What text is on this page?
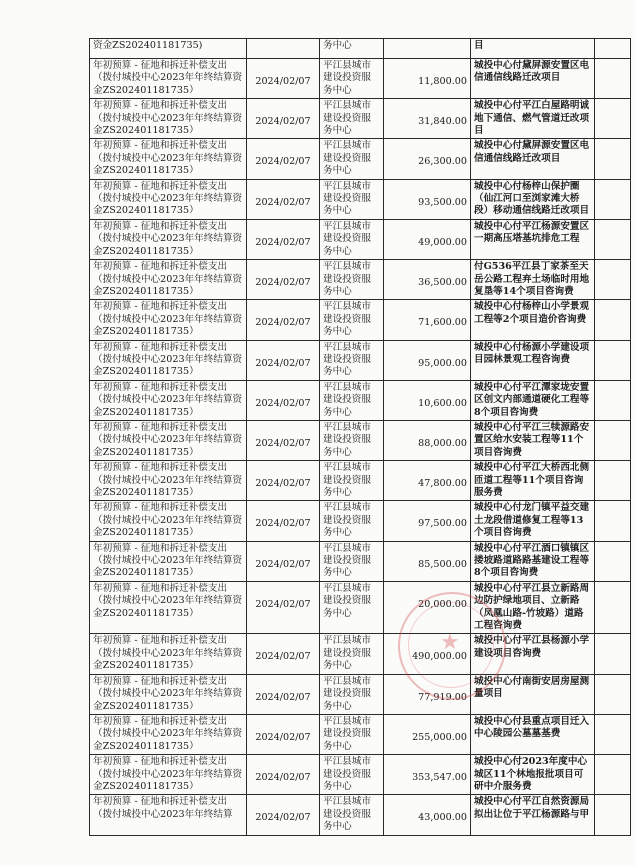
资金ZS202401181735)		务中心		目	
年初预算 - 征地和拆迁补偿支出（拨付城投中心2023年年终结算资金ZS202401181735）	2024/02/07	平江县城市建设投资服务中心	11,800.00	城投中心付黛屏源安置区电信通信线路迁改项目	
年初预算 - 征地和拆迁补偿支出（拨付城投中心2023年年终结算资金ZS202401181735）	2024/02/07	平江县城市建设投资服务中心	31,840.00	城投中心付平江白屋路明诚地下通信、燃气管道迁改项目	
年初预算 - 征地和拆迁补偿支出（拨付城投中心2023年年终结算资金ZS202401181735）	2024/02/07	平江县城市建设投资服务中心	26,300.00	城投中心付黛屏源安置区电信通信线路迁改项目	
年初预算 - 征地和拆迁补偿支出（拨付城投中心2023年年终结算资金ZS202401181735）	2024/02/07	平江县城市建设投资服务中心	93,500.00	城投中心付杨梓山保护圈（仙江河口至浏家滩大桥段）移动通信线路迁改项目	
年初预算 - 征地和拆迁补偿支出（拨付城投中心2023年年终结算资金ZS202401181735）	2024/02/07	平江县城市建设投资服务中心	49,000.00	城投中心付平江杨源安置区一期高压塔基坑排危工程	
年初预算 - 征地和拆迁补偿支出（拨付城投中心2023年年终结算资金ZS202401181735）	2024/02/07	平江县城市建设投资服务中心	36,500.00	付G536平江县丁家茶至天岳公路工程弃土场临时用地复垦等14个项目咨询费	
年初预算 - 征地和拆迁补偿支出（拨付城投中心2023年年终结算资金ZS202401181735）	2024/02/07	平江县城市建设投资服务中心	71,600.00	城投中心付杨梓山小学景观工程等2个项目造价咨询费	
年初预算 - 征地和拆迁补偿支出（拨付城投中心2023年年终结算资金ZS202401181735）	2024/02/07	平江县城市建设投资服务中心	95,000.00	城投中心付杨源小学建设项目园林景观工程咨询费	
年初预算 - 征地和拆迁补偿支出（拨付城投中心2023年年终结算资金ZS202401181735）	2024/02/07	平江县城市建设投资服务中心	10,600.00	城投中心付平江潭家垅安置区创文内部通道硬化工程等8个项目咨询费	
年初预算 - 征地和拆迁补偿支出（拨付城投中心2023年年终结算资金ZS202401181735）	2024/02/07	平江县城市建设投资服务中心	88,000.00	城投中心付平江三犊源路安置区给水安装工程等11个项目咨询费	
年初预算 - 征地和拆迁补偿支出（拨付城投中心2023年年终结算资金ZS202401181735）	2024/02/07	平江县城市建设投资服务中心	47,800.00	城投中心付平江大桥西北侧匝道工程等11个项目咨询服务费	
年初预算 - 征地和拆迁补偿支出（拨付城投中心2023年年终结算资金ZS202401181735）	2024/02/07	平江县城市建设投资服务中心	97,500.00	城投中心付龙门镇平益交建土龙段借道修复工程等13个项目咨询费	
年初预算 - 征地和拆迁补偿支出（拨付城投中心2023年年终结算资金ZS202401181735）	2024/02/07	平江县城市建设投资服务中心	85,500.00	城投中心付平江酒口镇镇区搂坡路道路路基建设工程等8个项目咨询费	
年初预算 - 征地和拆迁补偿支出（拨付城投中心2023年年终结算资金ZS202401181735）	2024/02/07	平江县城市建设投资服务中心	20,000.00	城投中心付平江县立新路周边防护绿地项目、立新路（凤凰山路-竹坡路）道路工程咨询费	
年初预算 - 征地和拆迁补偿支出（拨付城投中心2023年年终结算资金ZS202401181735）	2024/02/07	平江县城市建设投资服务中心	490,000.00	城投中心付平江县杨源小学建设项目咨询费	
年初预算 - 征地和拆迁补偿支出（拨付城投中心2023年年终结算资金ZS202401181735）	2024/02/07	平江县城市建设投资服务中心	77,919.00	城投中心付南街安居房屋测量项目	
年初预算 - 征地和拆迁补偿支出（拨付城投中心2023年年终结算资金ZS202401181735）	2024/02/07	平江县城市建设投资服务中心	255,000.00	城投中心付县重点项目迁入中心陵园公墓墓基费	
年初预算 - 征地和拆迁补偿支出（拨付城投中心2023年年终结算资金ZS202401181735）	2024/02/07	平江县城市建设投资服务中心	353,547.00	城投中心付2023年度中心城区11个林地报批项目可研中介服务费	
年初预算 - 征地和拆迁补偿支出（拨付城投中心2023年年终结算	2024/02/07	平江县城市建设投资服务中心	43,000.00	城投中心付平江自然资源局拟出让位于平江杨源路与甲	
★
